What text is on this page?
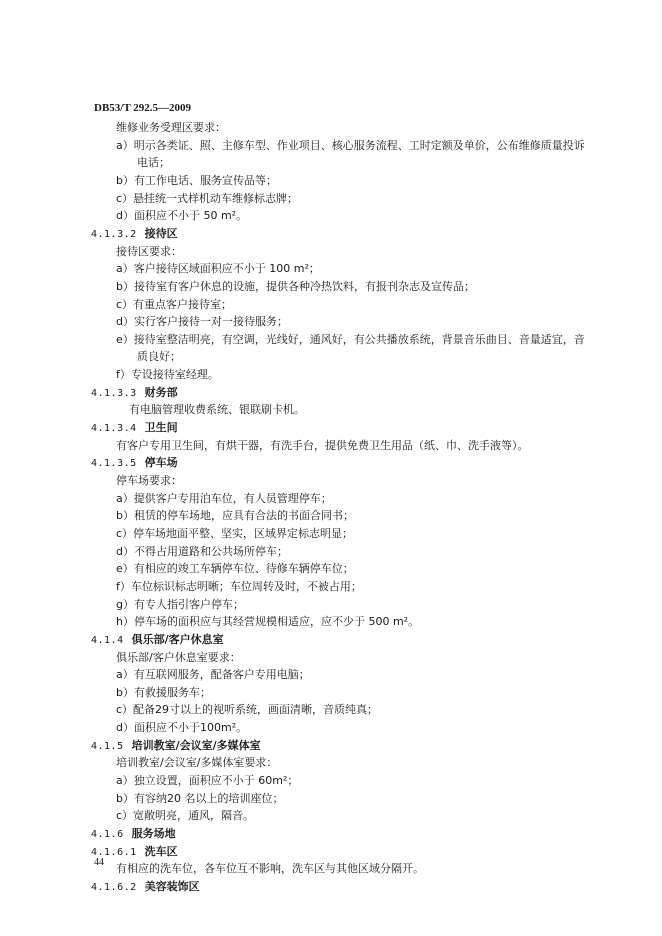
DB53/T 292.5—2009
维修业务受理区要求：
a）明示各类证、照、主修车型、作业项目、核心服务流程、工时定额及单价，公布维修质量投诉
电话；
b）有工作电话、服务宣传品等；
c）悬挂统一式样机动车维修标志牌；
d）面积应不小于 50 m²。
4.1.3.2 接待区
接待区要求：
a）客户接待区域面积应不小于 100 m²；
b）接待室有客户休息的设施，提供各种冷热饮料，有报刊杂志及宣传品；
c）有重点客户接待室；
d）实行客户接待一对一接待服务；
e）接待室整洁明亮，有空调，光线好，通风好，有公共播放系统，背景音乐曲目、音量适宜，音
质良好；
f）专设接待室经理。
4.1.3.3 财务部
有电脑管理收费系统、银联刷卡机。
4.1.3.4 卫生间
有客户专用卫生间，有烘干器，有洗手台，提供免费卫生用品（纸、巾、洗手液等）。
4.1.3.5 停车场
停车场要求：
a）提供客户专用泊车位，有人员管理停车；
b）租赁的停车场地，应具有合法的书面合同书；
c）停车场地面平整、坚实，区域界定标志明显；
d）不得占用道路和公共场所停车；
e）有相应的竣工车辆停车位、待修车辆停车位；
f）车位标识标志明晰；车位周转及时，不被占用；
g）有专人指引客户停车；
h）停车场的面积应与其经营规模相适应，应不少于 500 m²。
4.1.4 俱乐部/客户休息室
俱乐部/客户休息室要求：
a）有互联网服务，配备客户专用电脑；
b）有救援服务车；
c）配备29寸以上的视听系统，画面清晰，音质纯真；
d）面积应不小于100m²。
4.1.5 培训教室/会议室/多媒体室
培训教室/会议室/多媒体室要求：
a）独立设置，面积应不小于 60m²；
b）有容纳20 名以上的培训座位；
c）宽敞明亮，通风，隔音。
4.1.6 服务场地
4.1.6.1 洗车区
有相应的洗车位，各车位互不影响，洗车区与其他区域分隔开。
4.1.6.2 美容装饰区
44
